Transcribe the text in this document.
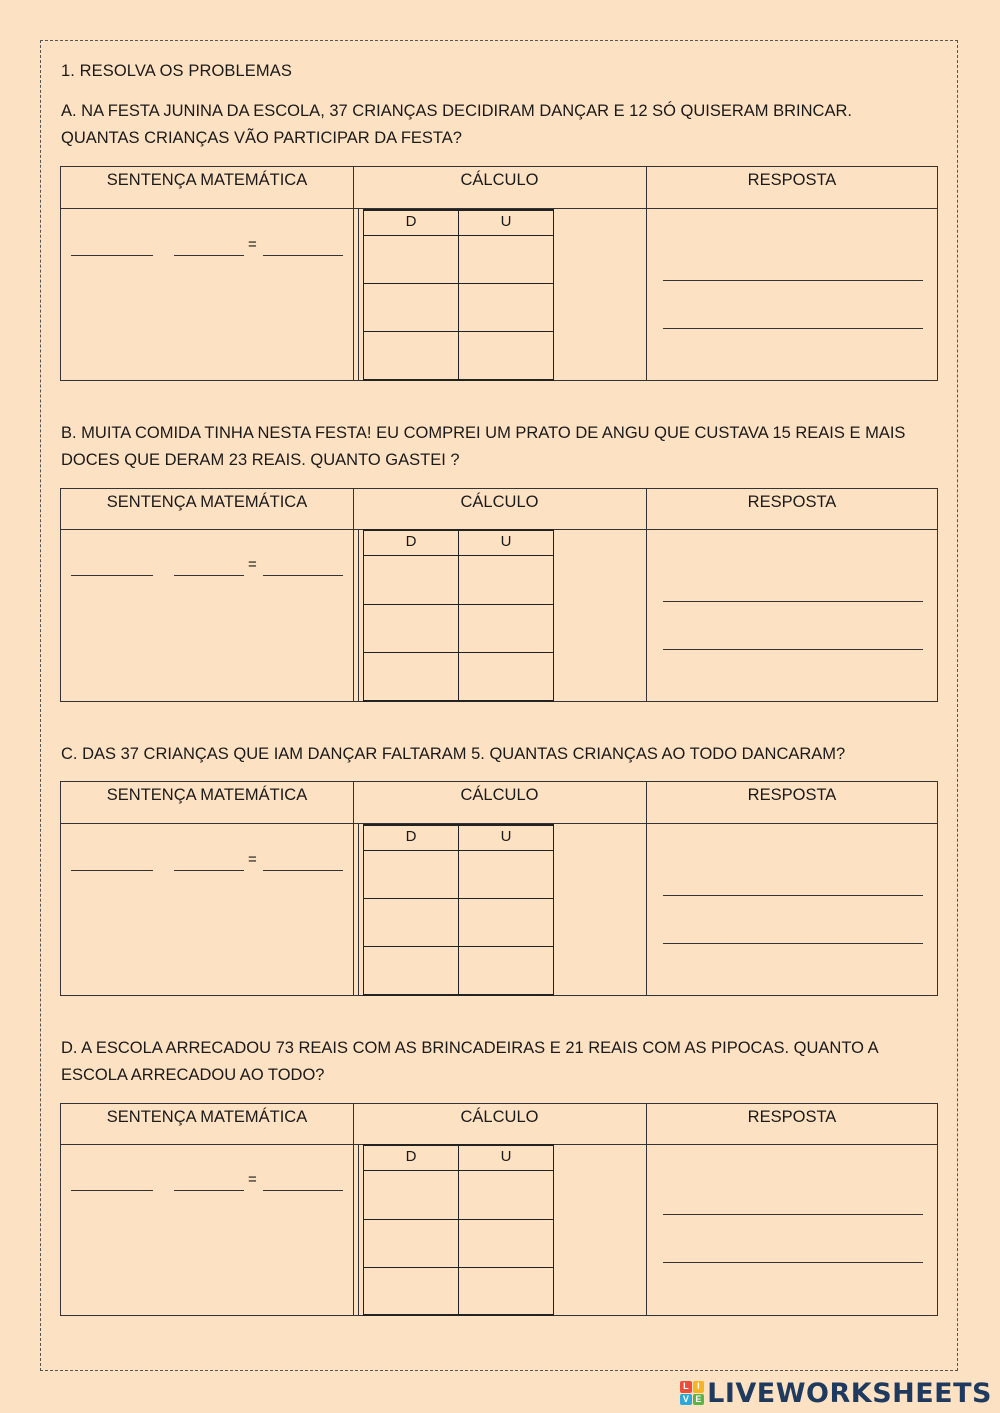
1. RESOLVA OS PROBLEMAS
A. NA FESTA JUNINA DA ESCOLA, 37 CRIANÇAS DECIDIRAM DANÇAR E 12 SÓ QUISERAM BRINCAR.
QUANTAS CRIANÇAS VÃO PARTICIPAR DA FESTA?
SENTENÇA MATEMÁTICA	CÁLCULO	RESPOSTA
=
D	U
B. MUITA COMIDA TINHA NESTA FESTA! EU COMPREI UM PRATO DE ANGU QUE CUSTAVA 15 REAIS E MAIS
DOCES QUE DERAM 23 REAIS. QUANTO GASTEI ?
SENTENÇA MATEMÁTICA	CÁLCULO	RESPOSTA
=
D	U
C. DAS 37 CRIANÇAS QUE IAM DANÇAR FALTARAM 5. QUANTAS CRIANÇAS AO TODO DANCARAM?
SENTENÇA MATEMÁTICA	CÁLCULO	RESPOSTA
=
D	U
D. A ESCOLA ARRECADOU 73 REAIS COM AS BRINCADEIRAS E 21 REAIS COM AS PIPOCAS. QUANTO A
ESCOLA ARRECADOU AO TODO?
SENTENÇA MATEMÁTICA	CÁLCULO	RESPOSTA
=
D	U
L I
V E LIVEWORKSHEETS
